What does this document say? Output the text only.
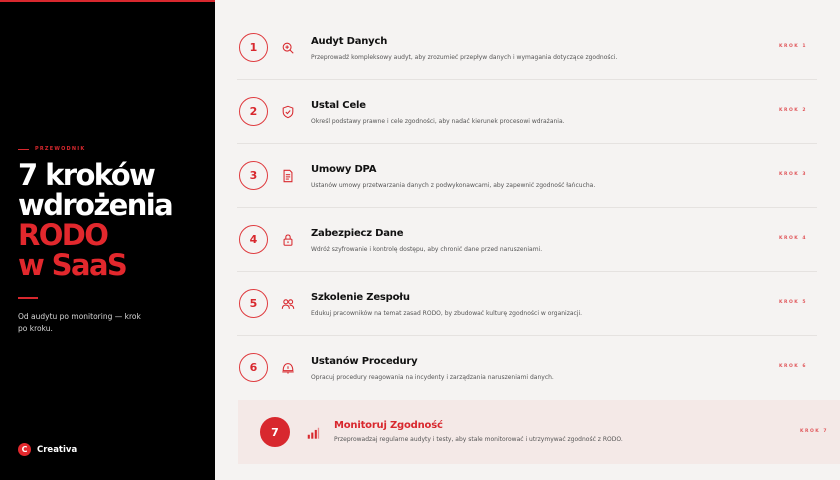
PRZEWODNIK
7 kroków
wdrożenia
RODO
w SaaS

Od audytu po monitoring — krok po kroku.

C	Creativa
1	Audyt Danych
Przeprowadź kompleksowy audyt, aby zrozumieć przepływ danych i wymagania dotyczące zgodności.
KROK 1
2	Ustal Cele
Określ podstawy prawne i cele zgodności, aby nadać kierunek procesowi wdrażania.
KROK 2
3	Umowy DPA
Ustanów umowy przetwarzania danych z podwykonawcami, aby zapewnić zgodność łańcucha.
KROK 3
4	Zabezpiecz Dane
Wdróż szyfrowanie i kontrolę dostępu, aby chronić dane przed naruszeniami.
KROK 4
5	Szkolenie Zespołu
Edukuj pracowników na temat zasad RODO, by zbudować kulturę zgodności w organizacji.
KROK 5
6	Ustanów Procedury
Opracuj procedury reagowania na incydenty i zarządzania naruszeniami danych.
KROK 6
7	Monitoruj Zgodność
Przeprowadzaj regularne audyty i testy, aby stale monitorować i utrzymywać zgodność z RODO.
KROK 7
